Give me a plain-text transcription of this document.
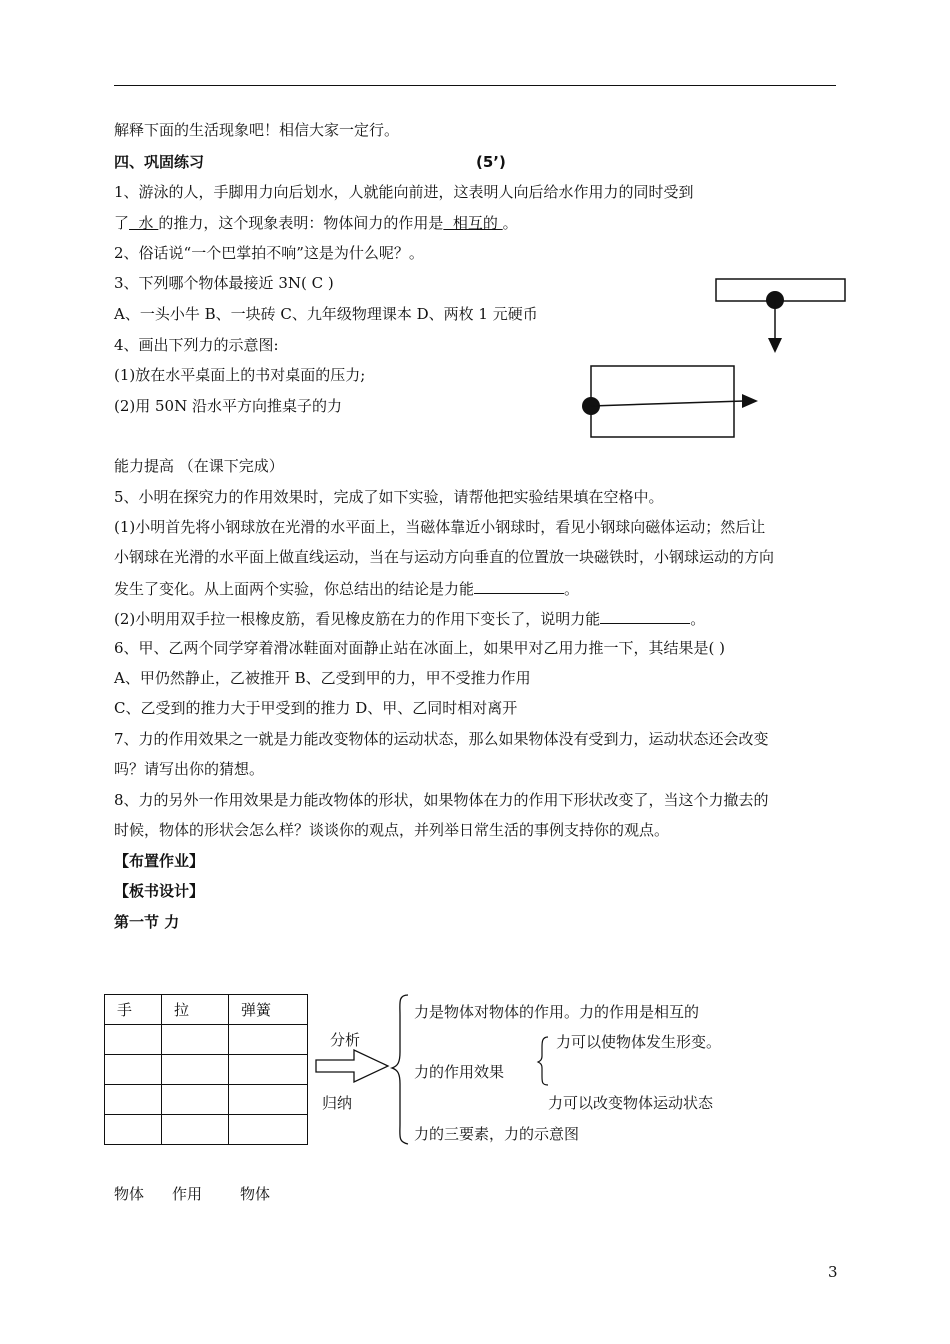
解释下面的生活现象吧！相信大家一定行。
四、巩固练习	(5’)
1、游泳的人，手脚用力向后划水，人就能向前进，这表明人向后给水作用力的同时受到
了  水 的推力，这个现象表明：物体间力的作用是  相互的 。
2、俗话说“一个巴掌拍不响”这是为什么呢？。
3、下列哪个物体最接近 3N( C )
A、一头小牛 B、一块砖 C、九年级物理课本 D、两枚 1 元硬币
4、画出下列力的示意图:
(1)放在水平桌面上的书对桌面的压力;
(2)用 50N 沿水平方向推桌子的力
能力提高 （在课下完成）
5、小明在探究力的作用效果时，完成了如下实验，请帮他把实验结果填在空格中。
(1)小明首先将小钢球放在光滑的水平面上，当磁体靠近小钢球时，看见小钢球向磁体运动；然后让
小钢球在光滑的水平面上做直线运动，当在与运动方向垂直的位置放一块磁铁时，小钢球运动的方向
发生了变化。从上面两个实验，你总结出的结论是力能	。
(2)小明用双手拉一根橡皮筋，看见橡皮筋在力的作用下变长了，说明力能	。
6、甲、乙两个同学穿着滑冰鞋面对面静止站在冰面上，如果甲对乙用力推一下，其结果是( )
A、甲仍然静止，乙被推开 B、乙受到甲的力，甲不受推力作用
C、乙受到的推力大于甲受到的推力 D、甲、乙同时相对离开
7、力的作用效果之一就是力能改变物体的运动状态，那么如果物体没有受到力，运动状态还会改变
吗？请写出你的猜想。
8、力的另外一作用效果是力能改物体的形状，如果物体在力的作用下形状改变了，当这个力撤去的
时候，物体的形状会怎么样？谈谈你的观点，并列举日常生活的事例支持你的观点。
【布置作业】
【板书设计】
第一节 力
手	拉	弹簧

分析
归纳
力是物体对物体的作用。力的作用是相互的
力可以使物体发生形变。
力的作用效果
力可以改变物体运动状态
力的三要素，力的示意图
物体 作用	物体
3
